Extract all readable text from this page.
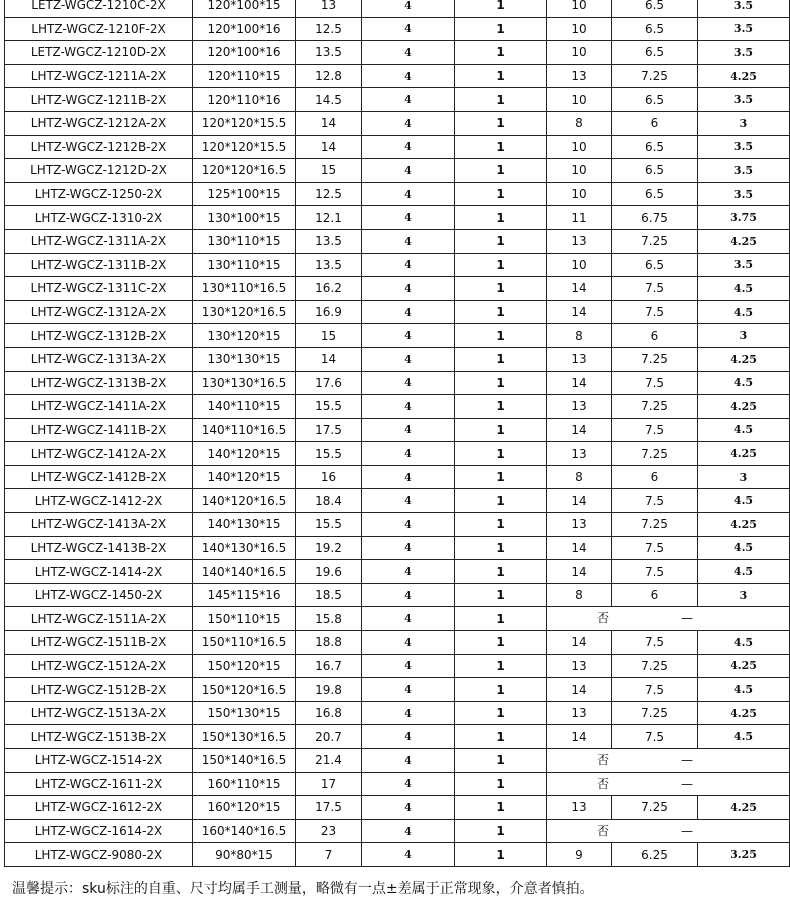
LETZ-WGCZ-1210C-2X	120*100*15	13	4	1	10	6.5	3.5
LHTZ-WGCZ-1210F-2X	120*100*16	12.5	4	1	10	6.5	3.5
LETZ-WGCZ-1210D-2X	120*100*16	13.5	4	1	10	6.5	3.5
LHTZ-WGCZ-1211A-2X	120*110*15	12.8	4	1	13	7.25	4.25
LHTZ-WGCZ-1211B-2X	120*110*16	14.5	4	1	10	6.5	3.5
LHTZ-WGCZ-1212A-2X	120*120*15.5	14	4	1	8	6	3
LHTZ-WGCZ-1212B-2X	120*120*15.5	14	4	1	10	6.5	3.5
LHTZ-WGCZ-1212D-2X	120*120*16.5	15	4	1	10	6.5	3.5
LHTZ-WGCZ-1250-2X	125*100*15	12.5	4	1	10	6.5	3.5
LHTZ-WGCZ-1310-2X	130*100*15	12.1	4	1	11	6.75	3.75
LHTZ-WGCZ-1311A-2X	130*110*15	13.5	4	1	13	7.25	4.25
LHTZ-WGCZ-1311B-2X	130*110*15	13.5	4	1	10	6.5	3.5
LHTZ-WGCZ-1311C-2X	130*110*16.5	16.2	4	1	14	7.5	4.5
LHTZ-WGCZ-1312A-2X	130*120*16.5	16.9	4	1	14	7.5	4.5
LHTZ-WGCZ-1312B-2X	130*120*15	15	4	1	8	6	3
LHTZ-WGCZ-1313A-2X	130*130*15	14	4	1	13	7.25	4.25
LHTZ-WGCZ-1313B-2X	130*130*16.5	17.6	4	1	14	7.5	4.5
LHTZ-WGCZ-1411A-2X	140*110*15	15.5	4	1	13	7.25	4.25
LHTZ-WGCZ-1411B-2X	140*110*16.5	17.5	4	1	14	7.5	4.5
LHTZ-WGCZ-1412A-2X	140*120*15	15.5	4	1	13	7.25	4.25
LHTZ-WGCZ-1412B-2X	140*120*15	16	4	1	8	6	3
LHTZ-WGCZ-1412-2X	140*120*16.5	18.4	4	1	14	7.5	4.5
LHTZ-WGCZ-1413A-2X	140*130*15	15.5	4	1	13	7.25	4.25
LHTZ-WGCZ-1413B-2X	140*130*16.5	19.2	4	1	14	7.5	4.5
LHTZ-WGCZ-1414-2X	140*140*16.5	19.6	4	1	14	7.5	4.5
LHTZ-WGCZ-1450-2X	145*115*16	18.5	4	1	8	6	3
LHTZ-WGCZ-1511A-2X	150*110*15	15.8	4	1	否 —		

LHTZ-WGCZ-1511B-2X	150*110*16.5	18.8	4	1	14	7.5	4.5
LHTZ-WGCZ-1512A-2X	150*120*15	16.7	4	1	13	7.25	4.25
LHTZ-WGCZ-1512B-2X	150*120*16.5	19.8	4	1	14	7.5	4.5
LHTZ-WGCZ-1513A-2X	150*130*15	16.8	4	1	13	7.25	4.25
LHTZ-WGCZ-1513B-2X	150*130*16.5	20.7	4	1	14	7.5	4.5
LHTZ-WGCZ-1514-2X	150*140*16.5	21.4	4	1	否 —		

LHTZ-WGCZ-1611-2X	160*110*15	17	4	1	否 —		

LHTZ-WGCZ-1612-2X	160*120*15	17.5	4	1	13	7.25	4.25
LHTZ-WGCZ-1614-2X	160*140*16.5	23	4	1	否 —		

LHTZ-WGCZ-9080-2X	90*80*15	7	4	1	9	6.25	3.25
温馨提示：sku标注的自重、尺寸均属手工测量，略微有一点±差属于正常现象，介意者慎拍。
